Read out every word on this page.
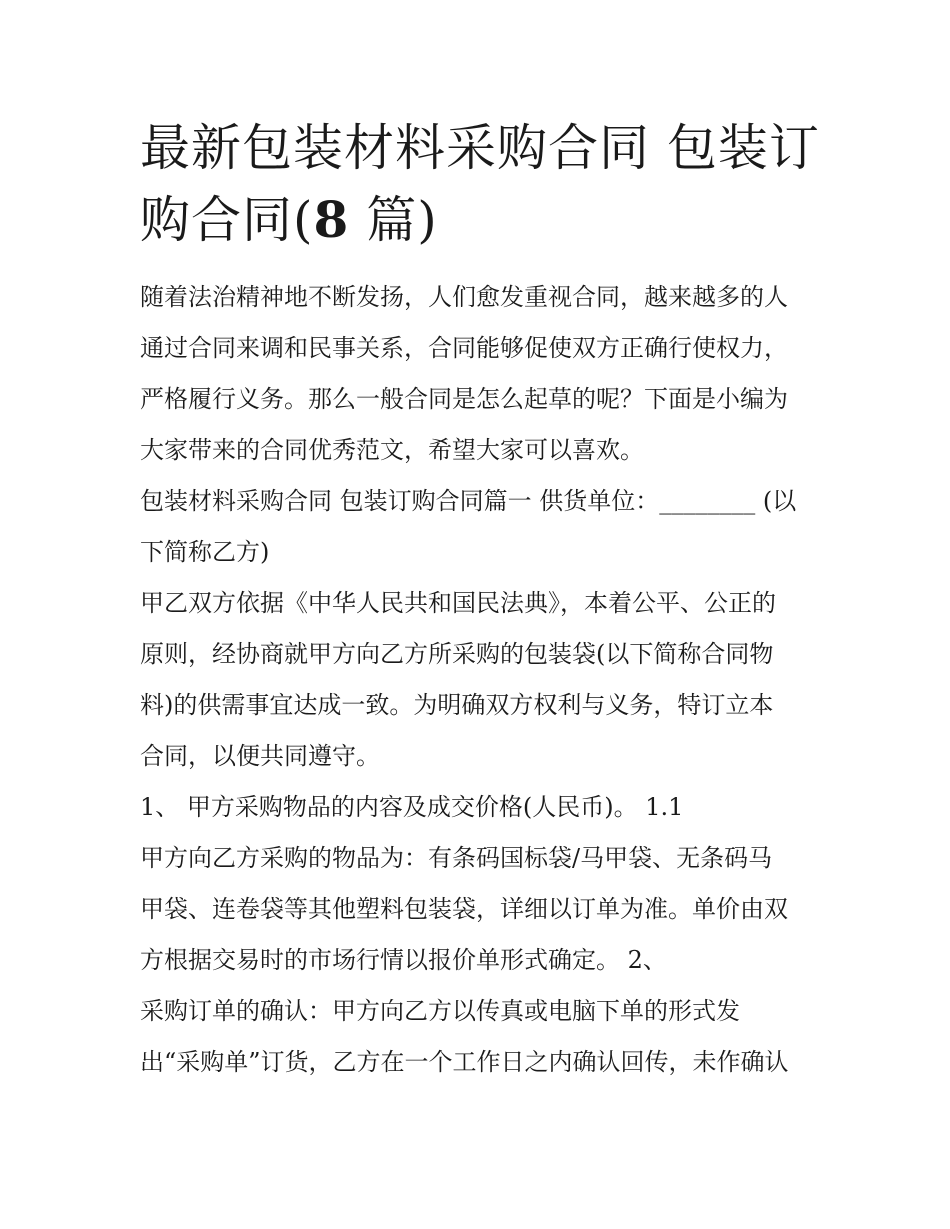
最新包装材料采购合同 包装订购合同(8 篇)
随着法治精神地不断发扬，人们愈发重视合同，越来越多的人
通过合同来调和民事关系，合同能够促使双方正确行使权力，
严格履行义务。那么一般合同是怎么起草的呢？下面是小编为
大家带来的合同优秀范文，希望大家可以喜欢。
包装材料采购合同 包装订购合同篇一 供货单位：________ (以
下简称乙方)
甲乙双方依据《中华人民共和国民法典》，本着公平、公正的
原则，经协商就甲方向乙方所采购的包装袋(以下简称合同物
料)的供需事宜达成一致。为明确双方权利与义务，特订立本
合同，以便共同遵守。
1、 甲方采购物品的内容及成交价格(人民币)。 1.1
甲方向乙方采购的物品为：有条码国标袋/马甲袋、无条码马
甲袋、连卷袋等其他塑料包装袋，详细以订单为准。单价由双
方根据交易时的市场行情以报价单形式确定。 2、
采购订单的确认：甲方向乙方以传真或电脑下单的形式发
出“采购单”订货，乙方在一个工作日之内确认回传，未作确认
